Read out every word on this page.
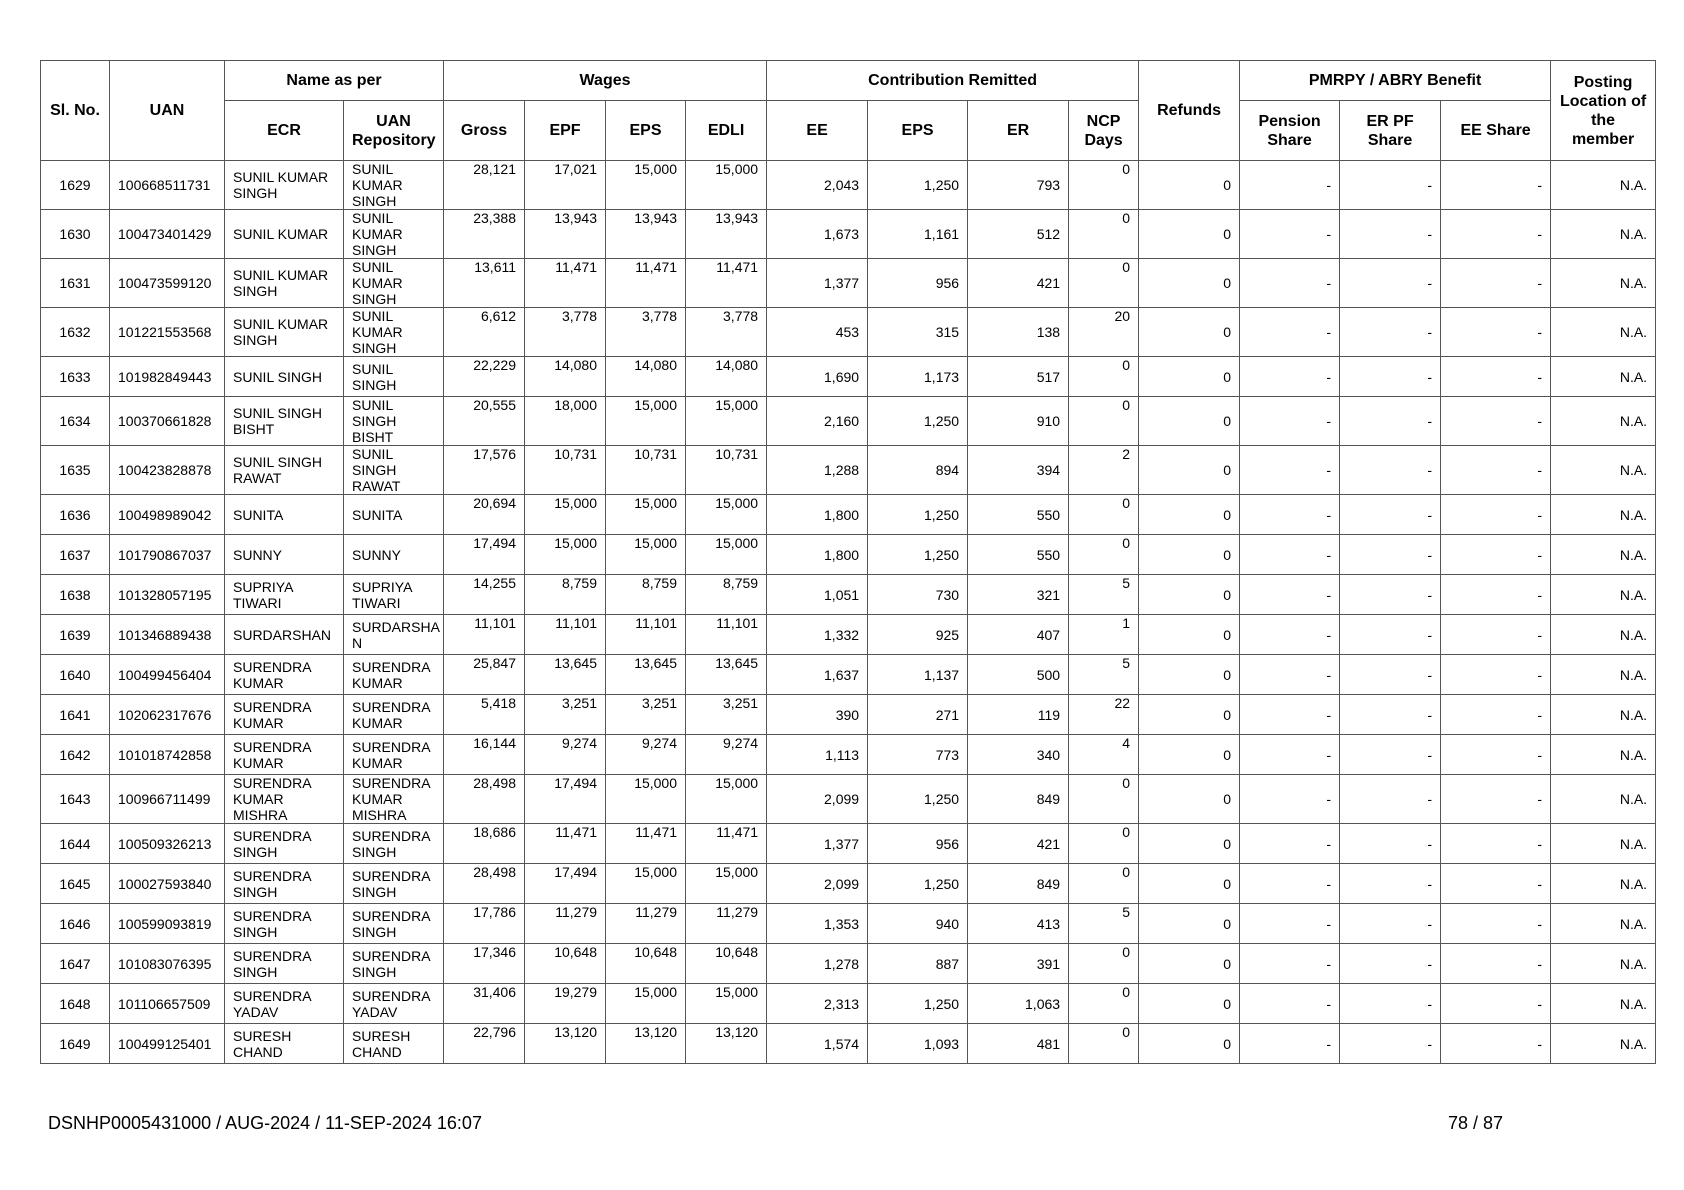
Sl. No.	UAN	Name as per		Wages				Contribution Remitted				Refunds	PMRPY / ABRY Benefit			Posting Location of the member
		ECR	UAN Repository	Gross	EPF	EPS	EDLI	EE	EPS	ER	NCP Days		Pension Share	ER PF Share	EE Share	
1629	100668511731	SUNIL KUMAR SINGH	SUNIL KUMAR SINGH	28,121	17,021	15,000	15,000	2,043	1,250	793	0	0	-	-	-	N.A.
1630	100473401429	SUNIL KUMAR	SUNIL KUMAR SINGH	23,388	13,943	13,943	13,943	1,673	1,161	512	0	0	-	-	-	N.A.
1631	100473599120	SUNIL KUMAR SINGH	SUNIL KUMAR SINGH	13,611	11,471	11,471	11,471	1,377	956	421	0	0	-	-	-	N.A.
1632	101221553568	SUNIL KUMAR SINGH	SUNIL KUMAR SINGH	6,612	3,778	3,778	3,778	453	315	138	20	0	-	-	-	N.A.
1633	101982849443	SUNIL SINGH	SUNIL SINGH	22,229	14,080	14,080	14,080	1,690	1,173	517	0	0	-	-	-	N.A.
1634	100370661828	SUNIL SINGH BISHT	SUNIL SINGH BISHT	20,555	18,000	15,000	15,000	2,160	1,250	910	0	0	-	-	-	N.A.
1635	100423828878	SUNIL SINGH RAWAT	SUNIL SINGH RAWAT	17,576	10,731	10,731	10,731	1,288	894	394	2	0	-	-	-	N.A.
1636	100498989042	SUNITA	SUNITA	20,694	15,000	15,000	15,000	1,800	1,250	550	0	0	-	-	-	N.A.
1637	101790867037	SUNNY	SUNNY	17,494	15,000	15,000	15,000	1,800	1,250	550	0	0	-	-	-	N.A.
1638	101328057195	SUPRIYA TIWARI	SUPRIYA TIWARI	14,255	8,759	8,759	8,759	1,051	730	321	5	0	-	-	-	N.A.
1639	101346889438	SURDARSHAN	SURDARSHA N	11,101	11,101	11,101	11,101	1,332	925	407	1	0	-	-	-	N.A.
1640	100499456404	SURENDRA KUMAR	SURENDRA KUMAR	25,847	13,645	13,645	13,645	1,637	1,137	500	5	0	-	-	-	N.A.
1641	102062317676	SURENDRA KUMAR	SURENDRA KUMAR	5,418	3,251	3,251	3,251	390	271	119	22	0	-	-	-	N.A.
1642	101018742858	SURENDRA KUMAR	SURENDRA KUMAR	16,144	9,274	9,274	9,274	1,113	773	340	4	0	-	-	-	N.A.
1643	100966711499	SURENDRA KUMAR MISHRA	SURENDRA KUMAR MISHRA	28,498	17,494	15,000	15,000	2,099	1,250	849	0	0	-	-	-	N.A.
1644	100509326213	SURENDRA SINGH	SURENDRA SINGH	18,686	11,471	11,471	11,471	1,377	956	421	0	0	-	-	-	N.A.
1645	100027593840	SURENDRA SINGH	SURENDRA SINGH	28,498	17,494	15,000	15,000	2,099	1,250	849	0	0	-	-	-	N.A.
1646	100599093819	SURENDRA SINGH	SURENDRA SINGH	17,786	11,279	11,279	11,279	1,353	940	413	5	0	-	-	-	N.A.
1647	101083076395	SURENDRA SINGH	SURENDRA SINGH	17,346	10,648	10,648	10,648	1,278	887	391	0	0	-	-	-	N.A.
1648	101106657509	SURENDRA YADAV	SURENDRA YADAV	31,406	19,279	15,000	15,000	2,313	1,250	1,063	0	0	-	-	-	N.A.
1649	100499125401	SURESH CHAND	SURESH CHAND	22,796	13,120	13,120	13,120	1,574	1,093	481	0	0	-	-	-	N.A.
DSNHP0005431000 / AUG-2024 / 11-SEP-2024 16:07	78 / 87
